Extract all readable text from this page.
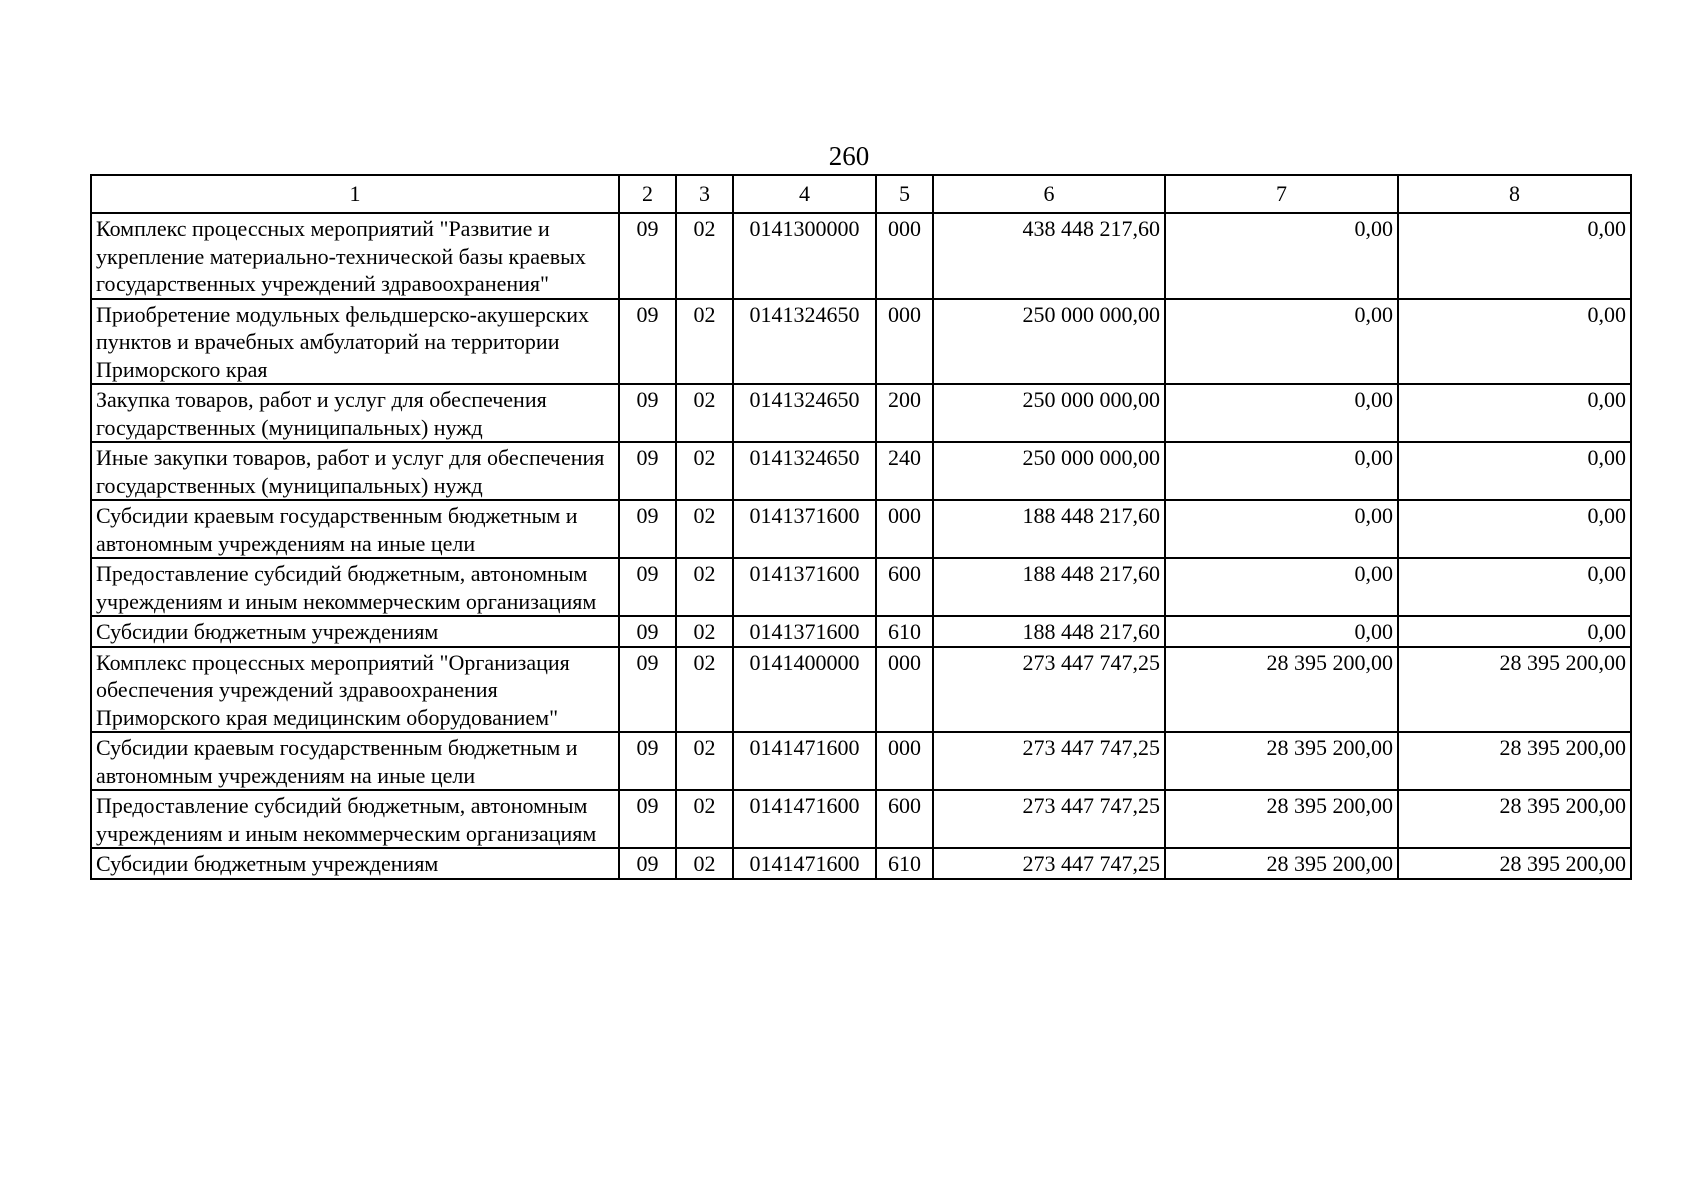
260
1	2	3	4	5	6	7	8
Комплекс процессных мероприятий "Развитие и укрепление материально-технической базы краевых государственных учреждений здравоохранения"	09	02	0141300000	000	438 448 217,60	0,00	0,00
Приобретение модульных фельдшерско-акушерских пунктов и врачебных амбулаторий на территории Приморского края	09	02	0141324650	000	250 000 000,00	0,00	0,00
Закупка товаров, работ и услуг для обеспечения государственных (муниципальных) нужд	09	02	0141324650	200	250 000 000,00	0,00	0,00
Иные закупки товаров, работ и услуг для обеспечения государственных (муниципальных) нужд	09	02	0141324650	240	250 000 000,00	0,00	0,00
Субсидии краевым государственным бюджетным и автономным учреждениям на иные цели	09	02	0141371600	000	188 448 217,60	0,00	0,00
Предоставление субсидий бюджетным, автономным учреждениям и иным некоммерческим организациям	09	02	0141371600	600	188 448 217,60	0,00	0,00
Субсидии бюджетным учреждениям	09	02	0141371600	610	188 448 217,60	0,00	0,00
Комплекс процессных мероприятий "Организация обеспечения учреждений здравоохранения Приморского края медицинским оборудованием"	09	02	0141400000	000	273 447 747,25	28 395 200,00	28 395 200,00
Субсидии краевым государственным бюджетным и автономным учреждениям на иные цели	09	02	0141471600	000	273 447 747,25	28 395 200,00	28 395 200,00
Предоставление субсидий бюджетным, автономным учреждениям и иным некоммерческим организациям	09	02	0141471600	600	273 447 747,25	28 395 200,00	28 395 200,00
Субсидии бюджетным учреждениям	09	02	0141471600	610	273 447 747,25	28 395 200,00	28 395 200,00
